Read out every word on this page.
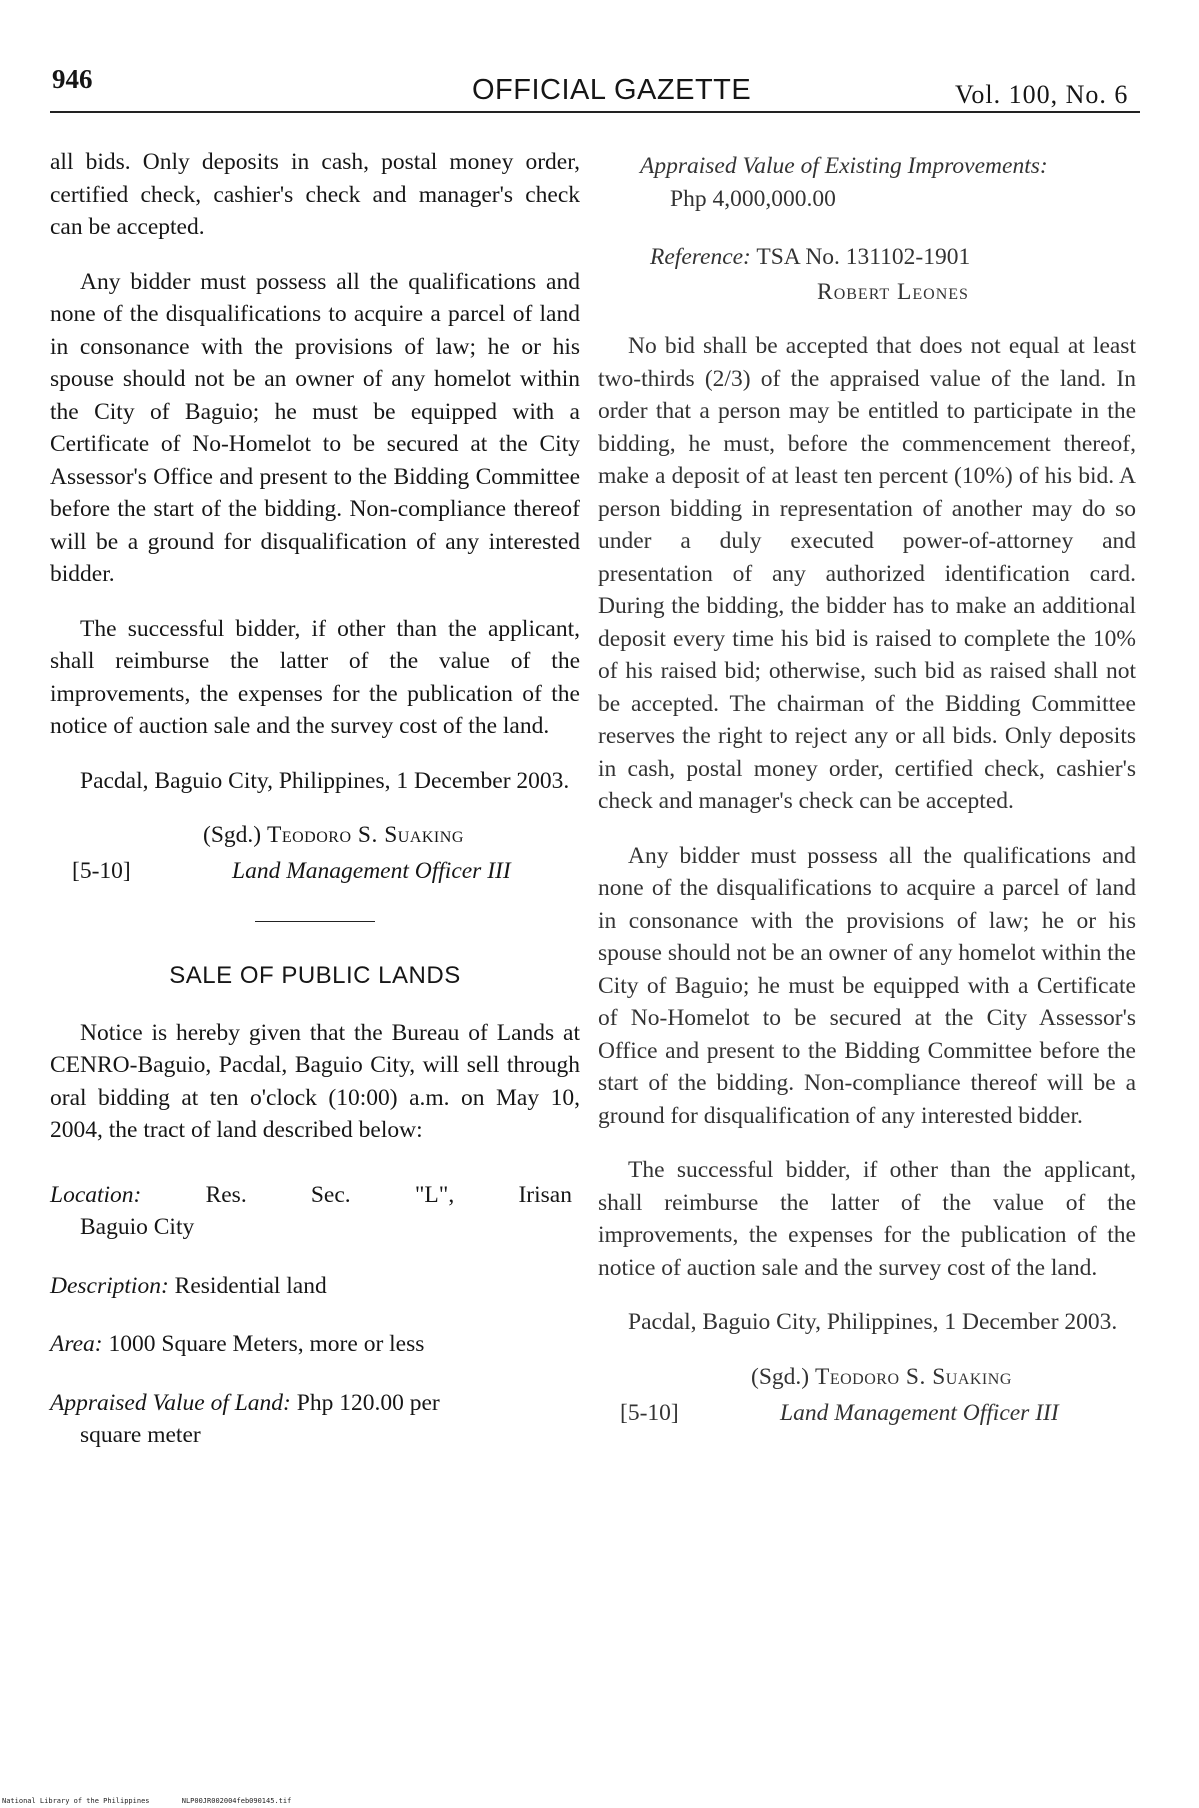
946	OFFICIAL GAZETTE	Vol. 100, No. 6

all bids. Only deposits in cash, postal money order, certified check, cashier's check and manager's check can be accepted.

Any bidder must possess all the qualifications and none of the disqualifications to acquire a parcel of land in consonance with the provisions of law; he or his spouse should not be an owner of any homelot within the City of Baguio; he must be equipped with a Certificate of No-Homelot to be secured at the City Assessor's Office and present to the Bidding Committee before the start of the bidding. Non-compliance thereof will be a ground for disqualification of any interested bidder.

The successful bidder, if other than the applicant, shall reimburse the latter of the value of the improvements, the expenses for the publication of the notice of auction sale and the survey cost of the land.

Pacdal, Baguio City, Philippines, 1 December 2003.

(Sgd.) Teodoro S. Suaking
[5-10]	Land Management Officer III
SALE OF PUBLIC LANDS

Notice is hereby given that the Bureau of Lands at CENRO-Baguio, Pacdal, Baguio City, will sell through oral bidding at ten o'clock (10:00) a.m. on May 10, 2004, the tract of land described below:

Location:	Res.	Sec.	"L",	Irisan
Baguio City
Description: Residential land
Area: 1000 Square Meters, more or less
Appraised Value of Land: Php 120.00 per
square meter
Appraised Value of Existing Improvements:
Php 4,000,000.00
Reference: TSA No. 131102-1901
Robert Leones

No bid shall be accepted that does not equal at least two-thirds (2/3) of the appraised value of the land. In order that a person may be entitled to participate in the bidding, he must, before the commencement thereof, make a deposit of at least ten percent (10%) of his bid. A person bidding in representation of another may do so under a duly executed power-of-attorney and presentation of any authorized identification card. During the bidding, the bidder has to make an additional deposit every time his bid is raised to complete the 10% of his raised bid; otherwise, such bid as raised shall not be accepted. The chairman of the Bidding Committee reserves the right to reject any or all bids. Only deposits in cash, postal money order, certified check, cashier's check and manager's check can be accepted.

Any bidder must possess all the qualifications and none of the disqualifications to acquire a parcel of land in consonance with the provisions of law; he or his spouse should not be an owner of any homelot within the City of Baguio; he must be equipped with a Certificate of No-Homelot to be secured at the City Assessor's Office and present to the Bidding Committee before the start of the bidding. Non-compliance thereof will be a ground for disqualification of any interested bidder.

The successful bidder, if other than the applicant, shall reimburse the latter of the value of the improvements, the expenses for the publication of the notice of auction sale and the survey cost of the land.

Pacdal, Baguio City, Philippines, 1 December 2003.

(Sgd.) Teodoro S. Suaking
[5-10]	Land Management Officer III
National Library of the Philippines	NLP00JR002004feb090145.tif
